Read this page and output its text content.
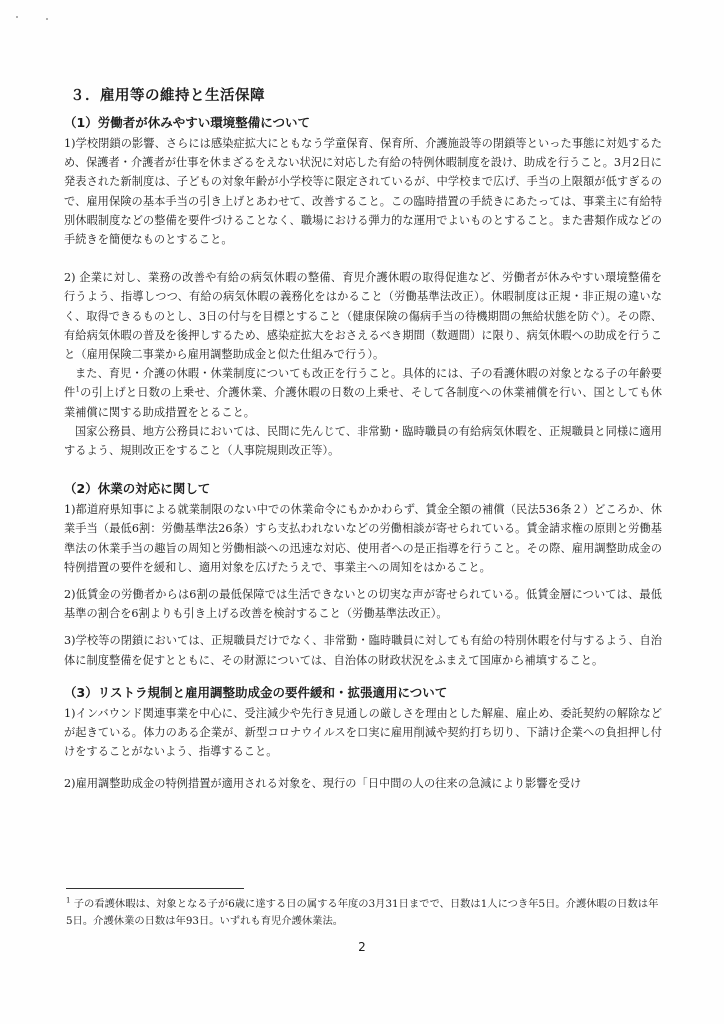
３．雇用等の維持と生活保障
（1）労働者が休みやすい環境整備について

1)学校閉鎖の影響、さらには感染症拡大にともなう学童保育、保育所、介護施設等の閉鎖等といった事態に対処するため、保護者・介護者が仕事を休まざるをえない状況に対応した有給の特例休暇制度を設け、助成を行うこと。3月2日に発表された新制度は、子どもの対象年齢が小学校等に限定されているが、中学校まで広げ、手当の上限額が低すぎるので、雇用保険の基本手当の引き上げとあわせて、改善すること。この臨時措置の手続きにあたっては、事業主に有給特別休暇制度などの整備を要件づけることなく、職場における弾力的な運用でよいものとすること。また書類作成などの手続きを簡便なものとすること。

2) 企業に対し、業務の改善や有給の病気休暇の整備、育児介護休暇の取得促進など、労働者が休みやすい環境整備を行うよう、指導しつつ、有給の病気休暇の義務化をはかること（労働基準法改正）。休暇制度は正規・非正規の違いなく、取得できるものとし、3日の付与を目標とすること（健康保険の傷病手当の待機期間の無給状態を防ぐ）。その際、有給病気休暇の普及を後押しするため、感染症拡大をおさえるべき期間（数週間）に限り、病気休暇への助成を行うこと（雇用保険二事業から雇用調整助成金と似た仕組みで行う）。

また、育児・介護の休暇・休業制度についても改正を行うこと。具体的には、子の看護休暇の対象となる子の年齢要件$^1$の引上げと日数の上乗せ、介護休業、介護休暇の日数の上乗せ、そして各制度への休業補償を行い、国としても休業補償に関する助成措置をとること。

国家公務員、地方公務員においては、民間に先んじて、非常勤・臨時職員の有給病気休暇を、正規職員と同様に適用するよう、規則改正をすること（人事院規則改正等）。

（2）休業の対応に関して

1)都道府県知事による就業制限のない中での休業命令にもかかわらず、賃金全額の補償（民法536条２）どころか、休業手当（最低6割：労働基準法26条）すら支払われないなどの労働相談が寄せられている。賃金請求権の原則と労働基準法の休業手当の趣旨の周知と労働相談への迅速な対応、使用者への是正指導を行うこと。その際、雇用調整助成金の特例措置の要件を緩和し、適用対象を広げたうえで、事業主への周知をはかること。

2)低賃金の労働者からは6割の最低保障では生活できないとの切実な声が寄せられている。低賃金層については、最低基準の割合を6割よりも引き上げる改善を検討すること（労働基準法改正）。

3)学校等の閉鎖においては、正規職員だけでなく、非常勤・臨時職員に対しても有給の特別休暇を付与するよう、自治体に制度整備を促すとともに、その財源については、自治体の財政状況をふまえて国庫から補填すること。

（3）リストラ規制と雇用調整助成金の要件緩和・拡張適用について

1)インバウンド関連事業を中心に、受注減少や先行き見通しの厳しさを理由とした解雇、雇止め、委託契約の解除などが起きている。体力のある企業が、新型コロナウイルスを口実に雇用削減や契約打ち切り、下請け企業への負担押し付けをすることがないよう、指導すること。

2)雇用調整助成金の特例措置が適用される対象を、現行の「日中間の人の往来の急減により影響を受け

$^1$ 子の看護休暇は、対象となる子が6歳に達する日の属する年度の3月31日までで、日数は1人につき年5日。介護休暇の日数は年5日。介護休業の日数は年93日。いずれも育児介護休業法。

2
